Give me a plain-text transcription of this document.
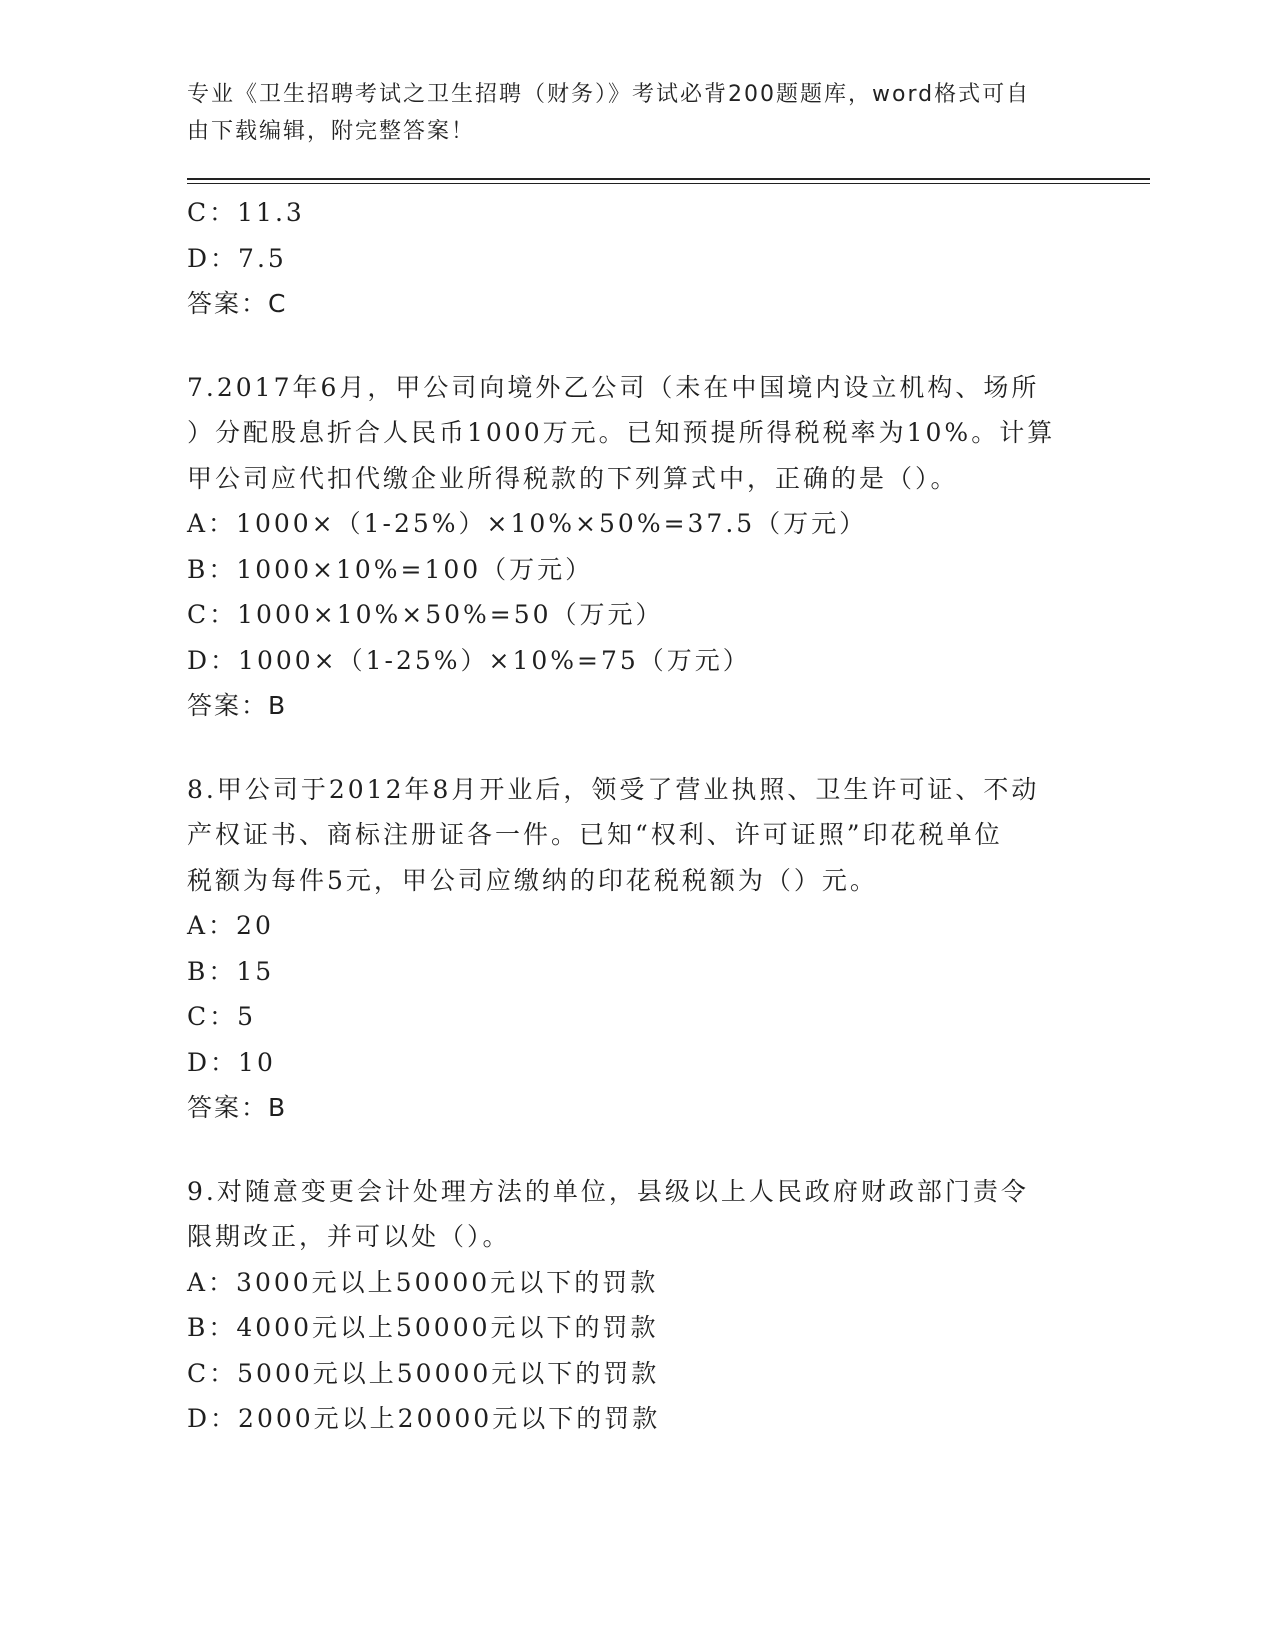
专业《卫生招聘考试之卫生招聘（财务）》考试必背200题题库，word格式可自
由下载编辑，附完整答案！
C：11.3
D：7.5
答案：C
7.2017年6月，甲公司向境外乙公司（未在中国境内设立机构、场所
）分配股息折合人民币1000万元。已知预提所得税税率为10%。计算
甲公司应代扣代缴企业所得税款的下列算式中，正确的是（）。
A：1000×（1-25%）×10%×50%=37.5（万元）
B：1000×10%=100（万元）
C：1000×10%×50%=50（万元）
D：1000×（1-25%）×10%=75（万元）
答案：B
8.甲公司于2012年8月开业后，领受了营业执照、卫生许可证、不动
产权证书、商标注册证各一件。已知“权利、许可证照”印花税单位
税额为每件5元，甲公司应缴纳的印花税税额为（）元。
A：20
B：15
C：5
D：10
答案：B
9.对随意变更会计处理方法的单位，县级以上人民政府财政部门责令
限期改正，并可以处（）。
A：3000元以上50000元以下的罚款
B：4000元以上50000元以下的罚款
C：5000元以上50000元以下的罚款
D：2000元以上20000元以下的罚款
